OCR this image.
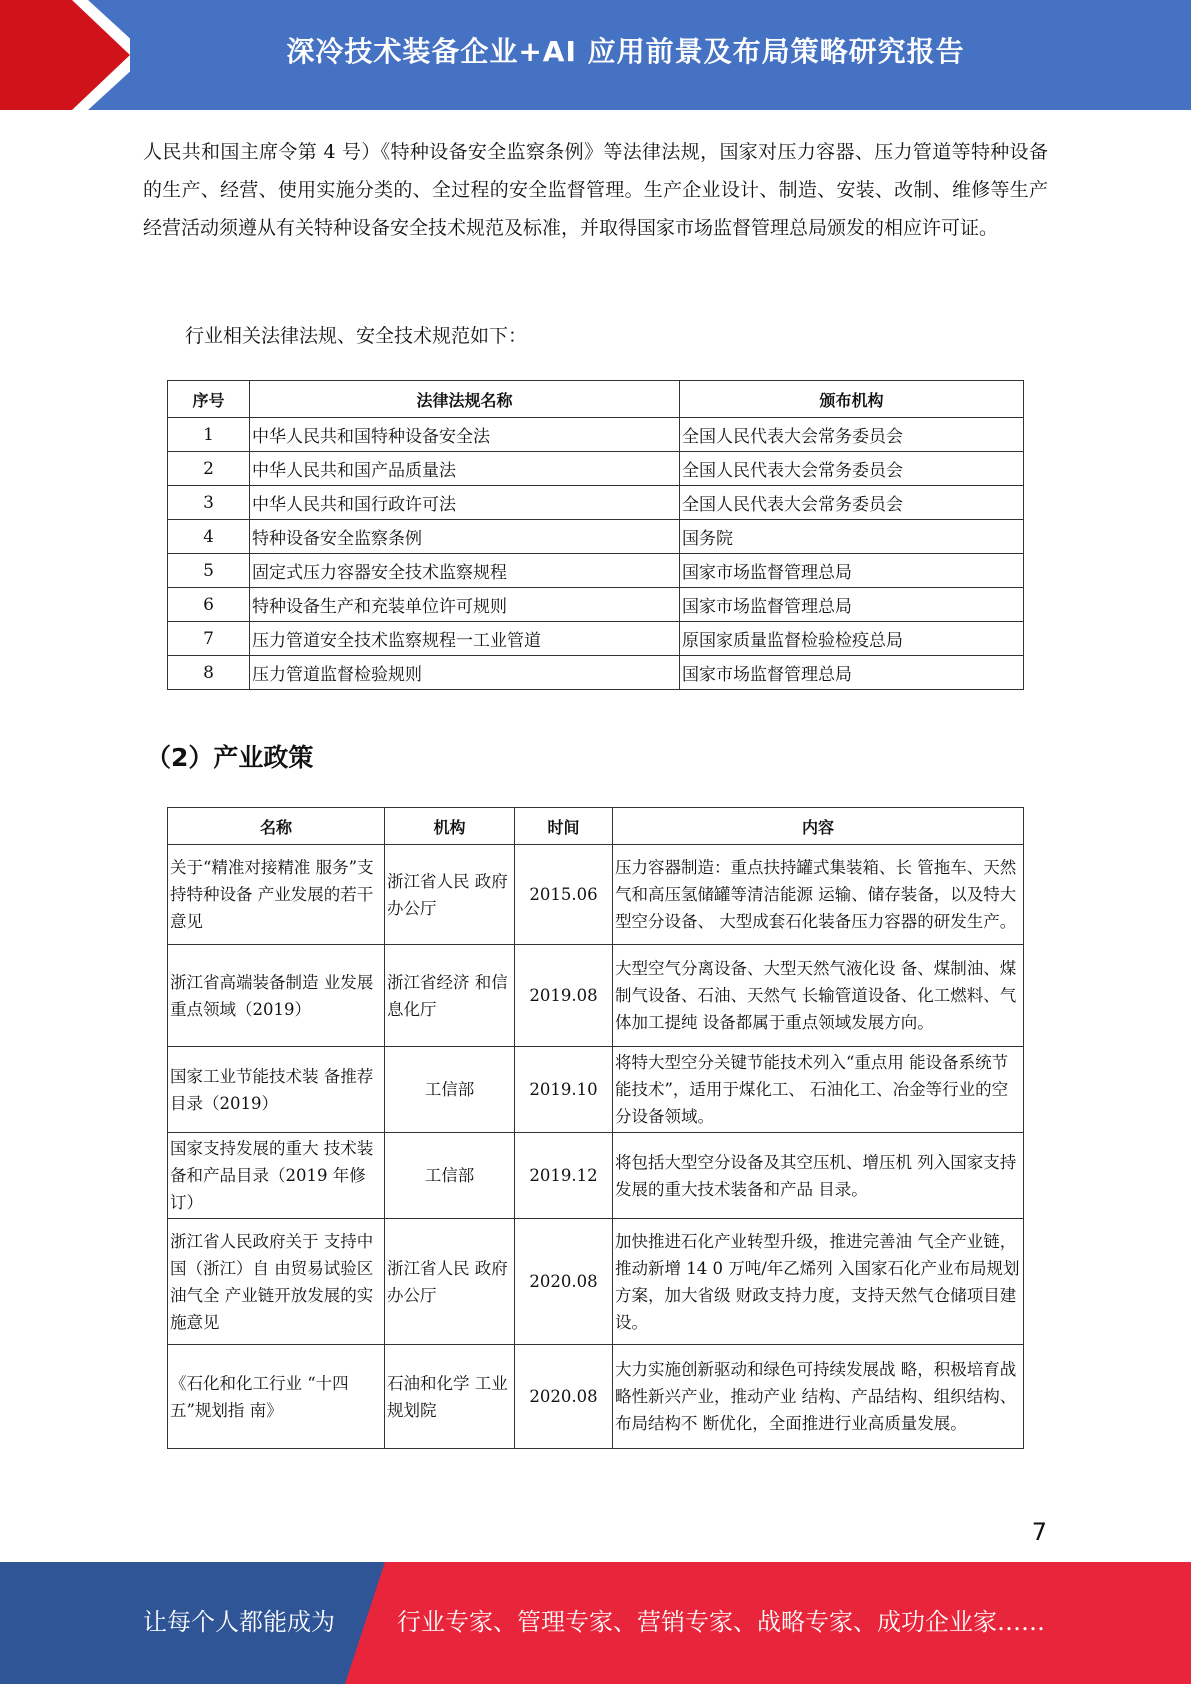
深冷技术装备企业+AI 应用前景及布局策略研究报告
人民共和国主席令第 4 号）《特种设备安全监察条例》等法律法规，国家对压力容器、压力管道等特种设备的生产、经营、使用实施分类的、全过程的安全监督管理。生产企业设计、制造、安装、改制、维修等生产经营活动须遵从有关特种设备安全技术规范及标准，并取得国家市场监督管理总局颁发的相应许可证。
行业相关法律法规、安全技术规范如下：
序号	法律法规名称	颁布机构
1	中华人民共和国特种设备安全法	全国人民代表大会常务委员会
2	中华人民共和国产品质量法	全国人民代表大会常务委员会
3	中华人民共和国行政许可法	全国人民代表大会常务委员会
4	特种设备安全监察条例	国务院
5	固定式压力容器安全技术监察规程	国家市场监督管理总局
6	特种设备生产和充装单位许可规则	国家市场监督管理总局
7	压力管道安全技术监察规程一工业管道	原国家质量监督检验检疫总局
8	压力管道监督检验规则	国家市场监督管理总局
（2）产业政策
名称	机构	时间	内容
关于“精准对接精准 服务”支持特种设备 产业发展的若干意见	浙江省人民 政府办公厅	2015.06	压力容器制造：重点扶持罐式集装箱、长 管拖车、天然气和高压氢储罐等清洁能源 运输、储存装备，以及特大型空分设备、 大型成套石化装备压力容器的研发生产。
浙江省高端装备制造 业发展重点领域（2019）	浙江省经济 和信息化厅	2019.08	大型空气分离设备、大型天然气液化设 备、煤制油、煤制气设备、石油、天然气 长输管道设备、化工燃料、气体加工提纯 设备都属于重点领域发展方向。
国家工业节能技术装 备推荐目录（2019）	工信部	2019.10	将特大型空分关键节能技术列入“重点用 能设备系统节能技术”，适用于煤化工、 石油化工、冶金等行业的空分设备领域。
国家支持发展的重大 技术装备和产品目录（2019 年修订）	工信部	2019.12	将包括大型空分设备及其空压机、增压机 列入国家支持发展的重大技术装备和产品 目录。
浙江省人民政府关于 支持中国（浙江）自 由贸易试验区油气全 产业链开放发展的实 施意见	浙江省人民 政府办公厅	2020.08	加快推进石化产业转型升级，推进完善油 气全产业链，推动新增 14 0 万吨/年乙烯列 入国家石化产业布局规划方案，加大省级 财政支持力度，支持天然气仓储项目建 设。
《石化和化工行业 “十四五”规划指 南》	石油和化学 工业规划院	2020.08	大力实施创新驱动和绿色可持续发展战 略，积极培育战略性新兴产业，推动产业 结构、产品结构、组织结构、布局结构不 断优化，全面推进行业高质量发展。
7
让每个人都能成为	行业专家、管理专家、营销专家、战略专家、成功企业家……
